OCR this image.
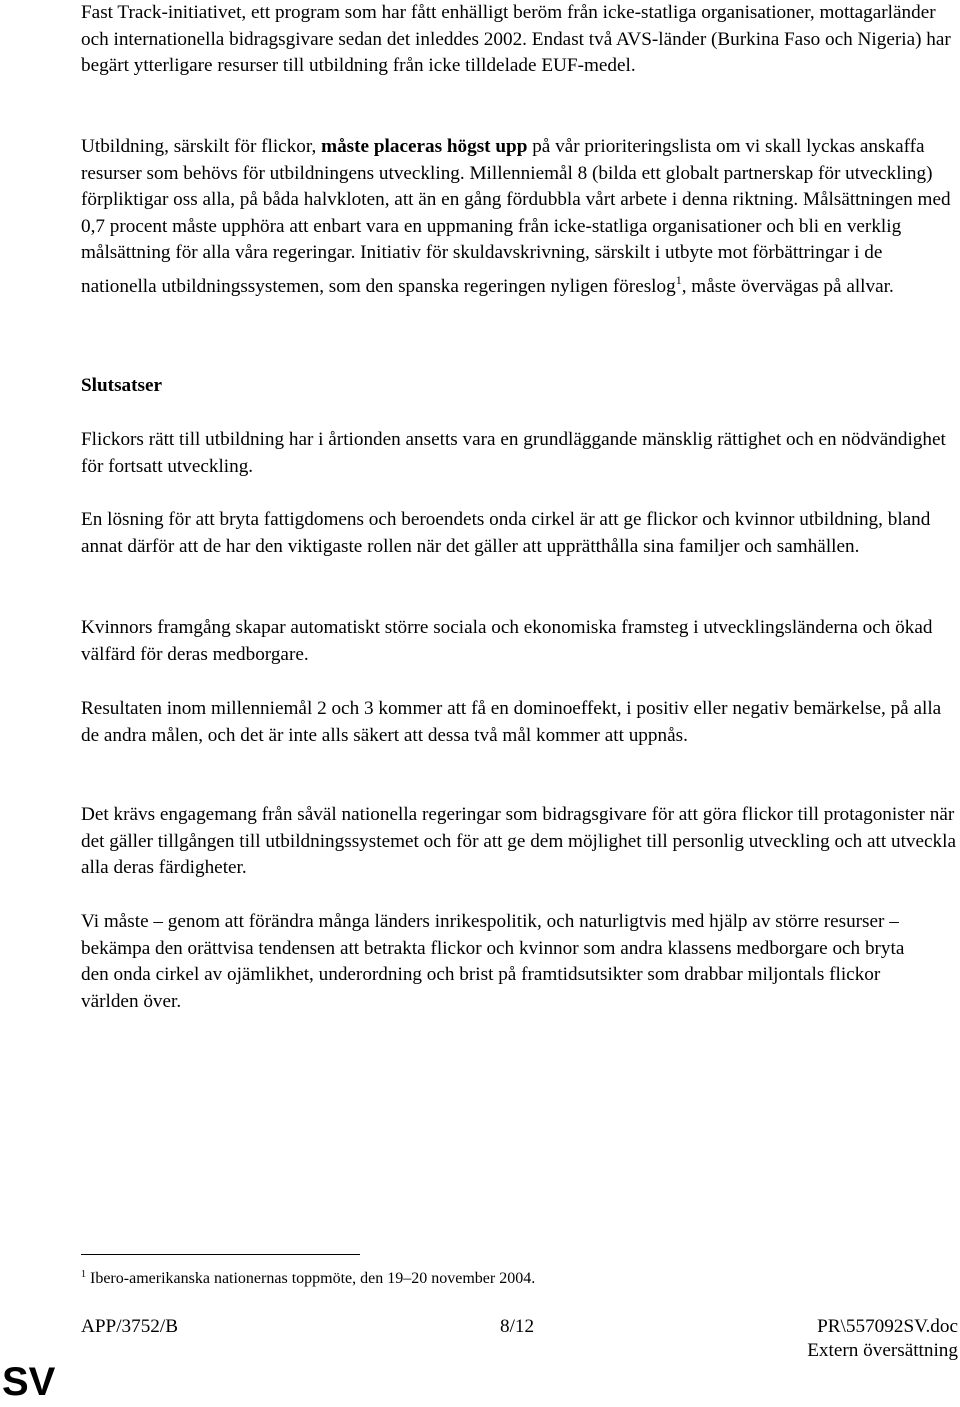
Fast Track-initiativet, ett program som har fått enhälligt beröm från icke-statliga organisationer, mottagarländer och internationella bidragsgivare sedan det inleddes 2002. Endast två AVS-länder (Burkina Faso och Nigeria) har begärt ytterligare resurser till utbildning från icke tilldelade EUF-medel.

Utbildning, särskilt för flickor, måste placeras högst upp på vår prioriteringslista om vi skall lyckas anskaffa resurser som behövs för utbildningens utveckling. Millenniemål 8 (bilda ett globalt partnerskap för utveckling) förpliktigar oss alla, på båda halvkloten, att än en gång fördubbla vårt arbete i denna riktning. Målsättningen med 0,7 procent måste upphöra att enbart vara en uppmaning från icke-statliga organisationer och bli en verklig målsättning för alla våra regeringar. Initiativ för skuldavskrivning, särskilt i utbyte mot förbättringar i de nationella utbildningssystemen, som den spanska regeringen nyligen föreslog$^1$, måste övervägas på allvar.

Slutsatser

Flickors rätt till utbildning har i årtionden ansetts vara en grundläggande mänsklig rättighet och en nödvändighet för fortsatt utveckling.

En lösning för att bryta fattigdomens och beroendets onda cirkel är att ge flickor och kvinnor utbildning, bland annat därför att de har den viktigaste rollen när det gäller att upprätthålla sina familjer och samhällen.

Kvinnors framgång skapar automatiskt större sociala och ekonomiska framsteg i utvecklingsländerna och ökad välfärd för deras medborgare.

Resultaten inom millenniemål 2 och 3 kommer att få en dominoeffekt, i positiv eller negativ bemärkelse, på alla de andra målen, och det är inte alls säkert att dessa två mål kommer att uppnås.

Det krävs engagemang från såväl nationella regeringar som bidragsgivare för att göra flickor till protagonister när det gäller tillgången till utbildningssystemet och för att ge dem möjlighet till personlig utveckling och att utveckla alla deras färdigheter.

Vi måste – genom att förändra många länders inrikespolitik, och naturligtvis med hjälp av större resurser – bekämpa den orättvisa tendensen att betrakta flickor och kvinnor som andra klassens medborgare och bryta den onda cirkel av ojämlikhet, underordning och brist på framtidsutsikter som drabbar miljontals flickor världen över.

$^1$ Ibero-amerikanska nationernas toppmöte, den 19–20 november 2004.

APP/3752/B	8/12	PR\557092SV.doc
Extern översättning
SV
